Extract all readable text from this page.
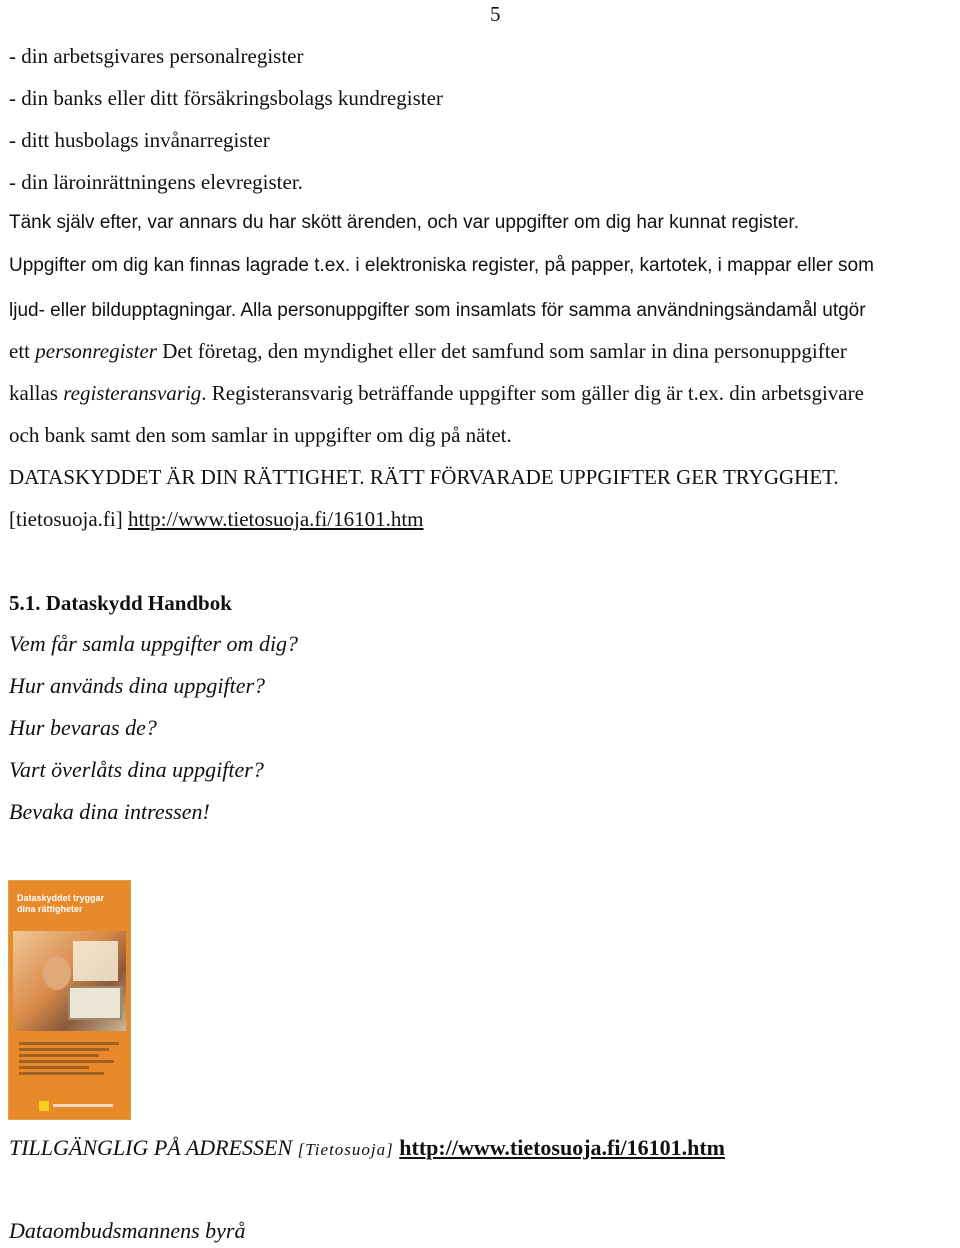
5
- din arbetsgivares personalregister
- din banks eller ditt försäkringsbolags kundregister
- ditt husbolags invånarregister
- din läroinrättningens elevregister.
Tänk själv efter, var annars du har skött ärenden, och var uppgifter om dig har kunnat register.
Uppgifter om dig kan finnas lagrade t.ex. i elektroniska register, på papper, kartotek, i mappar eller som
ljud- eller bildupptagningar. Alla personuppgifter som insamlats för samma användningsändamål utgör
ett personregister Det företag, den myndighet eller det samfund som samlar in dina personuppgifter
kallas registeransvarig. Registeransvarig beträffande uppgifter som gäller dig är t.ex. din arbetsgivare
och bank samt den som samlar in uppgifter om dig på nätet.
DATASKYDDET ÄR DIN RÄTTIGHET. RÄTT FÖRVARADE UPPGIFTER GER TRYGGHET.
[tietosuoja.fi] http://www.tietosuoja.fi/16101.htm
5.1. Dataskydd Handbok
Vem får samla uppgifter om dig?
Hur används dina uppgifter?
Hur bevaras de?
Vart överlåts dina uppgifter?
Bevaka dina intressen!
Dataskyddet tryggar
dina rättigheter
TILLGÄNGLIG PÅ ADRESSEN [Tietosuoja] http://www.tietosuoja.fi/16101.htm
Dataombudsmannens byrå
